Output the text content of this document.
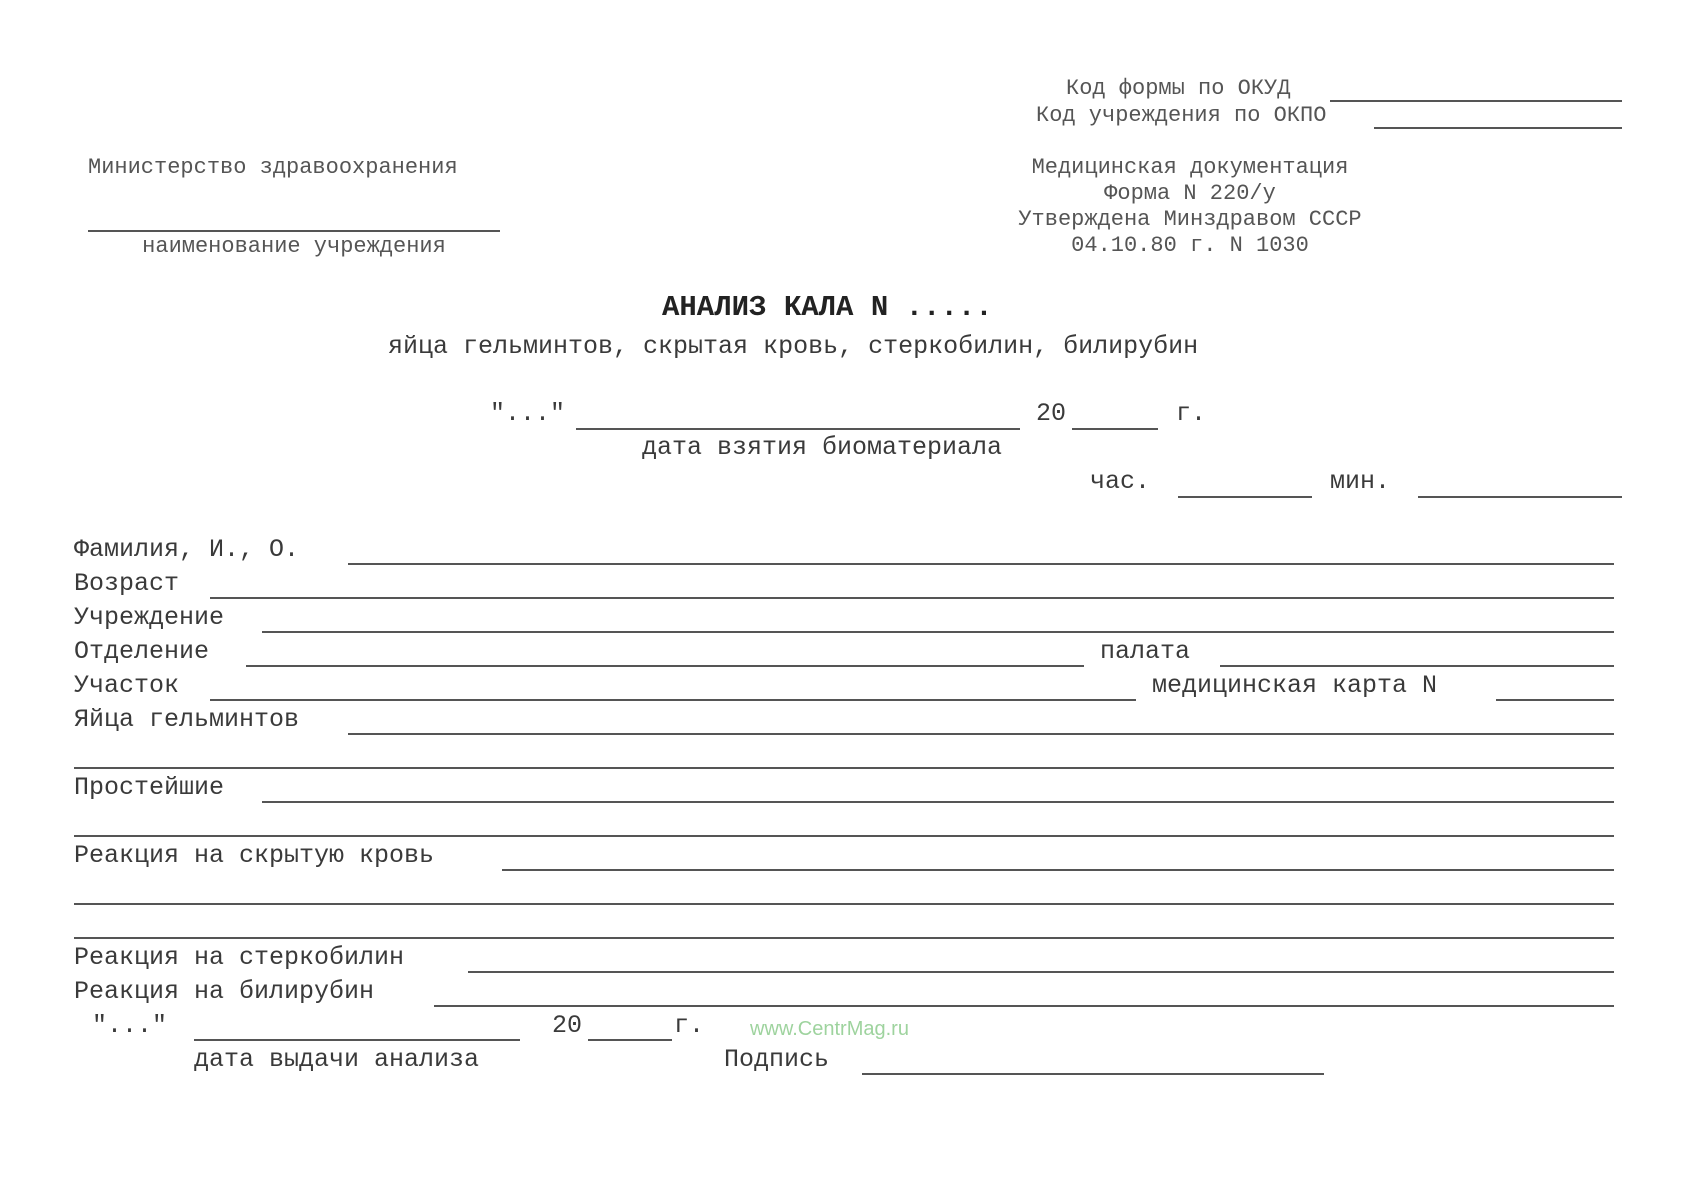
Код формы по ОКУД
Код учреждения по ОКПО
Министерство здравоохранения
наименование учреждения
Медицинская документация
Форма N 220/у
Утверждена Минздравом СССР
04.10.80 г. N 1030
АНАЛИЗ КАЛА N .....
яйца гельминтов, скрытая кровь, стеркобилин, билирубин
"..."	20	г.
дата взятия биоматериала
час.	мин.
Фамилия, И., О.
Возраст
Учреждение
Отделение	палата
Участок	медицинская карта N
Яйца гельминтов
Простейшие
Реакция на скрытую кровь
Реакция на стеркобилин
Реакция на билирубин
"..."	20	г. www.CentrMag.ru
дата выдачи анализа	Подпись
